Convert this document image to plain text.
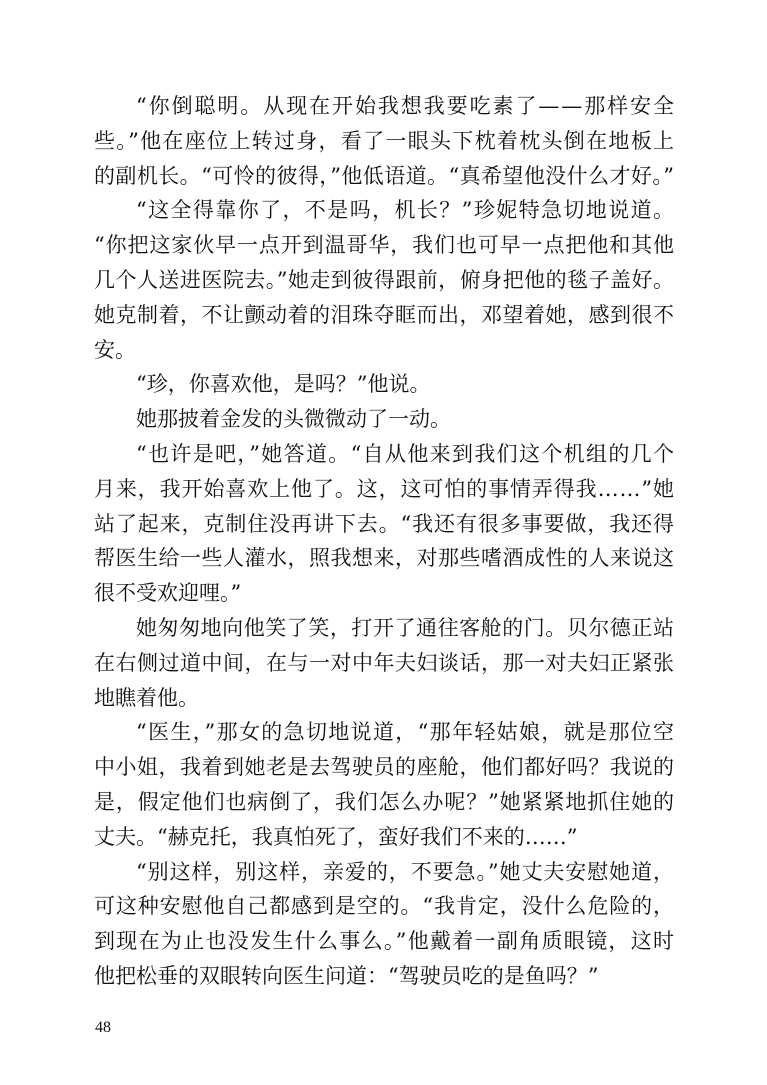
“你倒聪明。从现在开始我想我要吃素了——那样安全
些。”他在座位上转过身，看了一眼头下枕着枕头倒在地板上
的副机长。“可怜的彼得，”他低语道。“真希望他没什么才好。”
“这全得靠你了，不是吗，机长？”珍妮特急切地说道。
“你把这家伙早一点开到温哥华，我们也可早一点把他和其他
几个人送进医院去。”她走到彼得跟前，俯身把他的毯子盖好。
她克制着，不让颤动着的泪珠夺眶而出，邓望着她，感到很不
安。
“珍，你喜欢他，是吗？”他说。
她那披着金发的头微微动了一动。
“也许是吧，”她答道。“自从他来到我们这个机组的几个
月来，我开始喜欢上他了。这，这可怕的事情弄得我……”她
站了起来，克制住没再讲下去。“我还有很多事要做，我还得
帮医生给一些人灌水，照我想来，对那些嗜酒成性的人来说这
很不受欢迎哩。”
她匆匆地向他笑了笑，打开了通往客舱的门。贝尔德正站
在右侧过道中间，在与一对中年夫妇谈话，那一对夫妇正紧张
地瞧着他。
“医生，”那女的急切地说道，“那年轻姑娘，就是那位空
中小姐，我着到她老是去驾驶员的座舱，他们都好吗？我说的
是，假定他们也病倒了，我们怎么办呢？”她紧紧地抓住她的
丈夫。“赫克托，我真怕死了，蛮好我们不来的……”
“别这样，别这样，亲爱的，不要急。”她丈夫安慰她道，
可这种安慰他自己都感到是空的。“我肯定，没什么危险的，
到现在为止也没发生什么事么。”他戴着一副角质眼镜，这时
他把松垂的双眼转向医生问道：“驾驶员吃的是鱼吗？”
48
